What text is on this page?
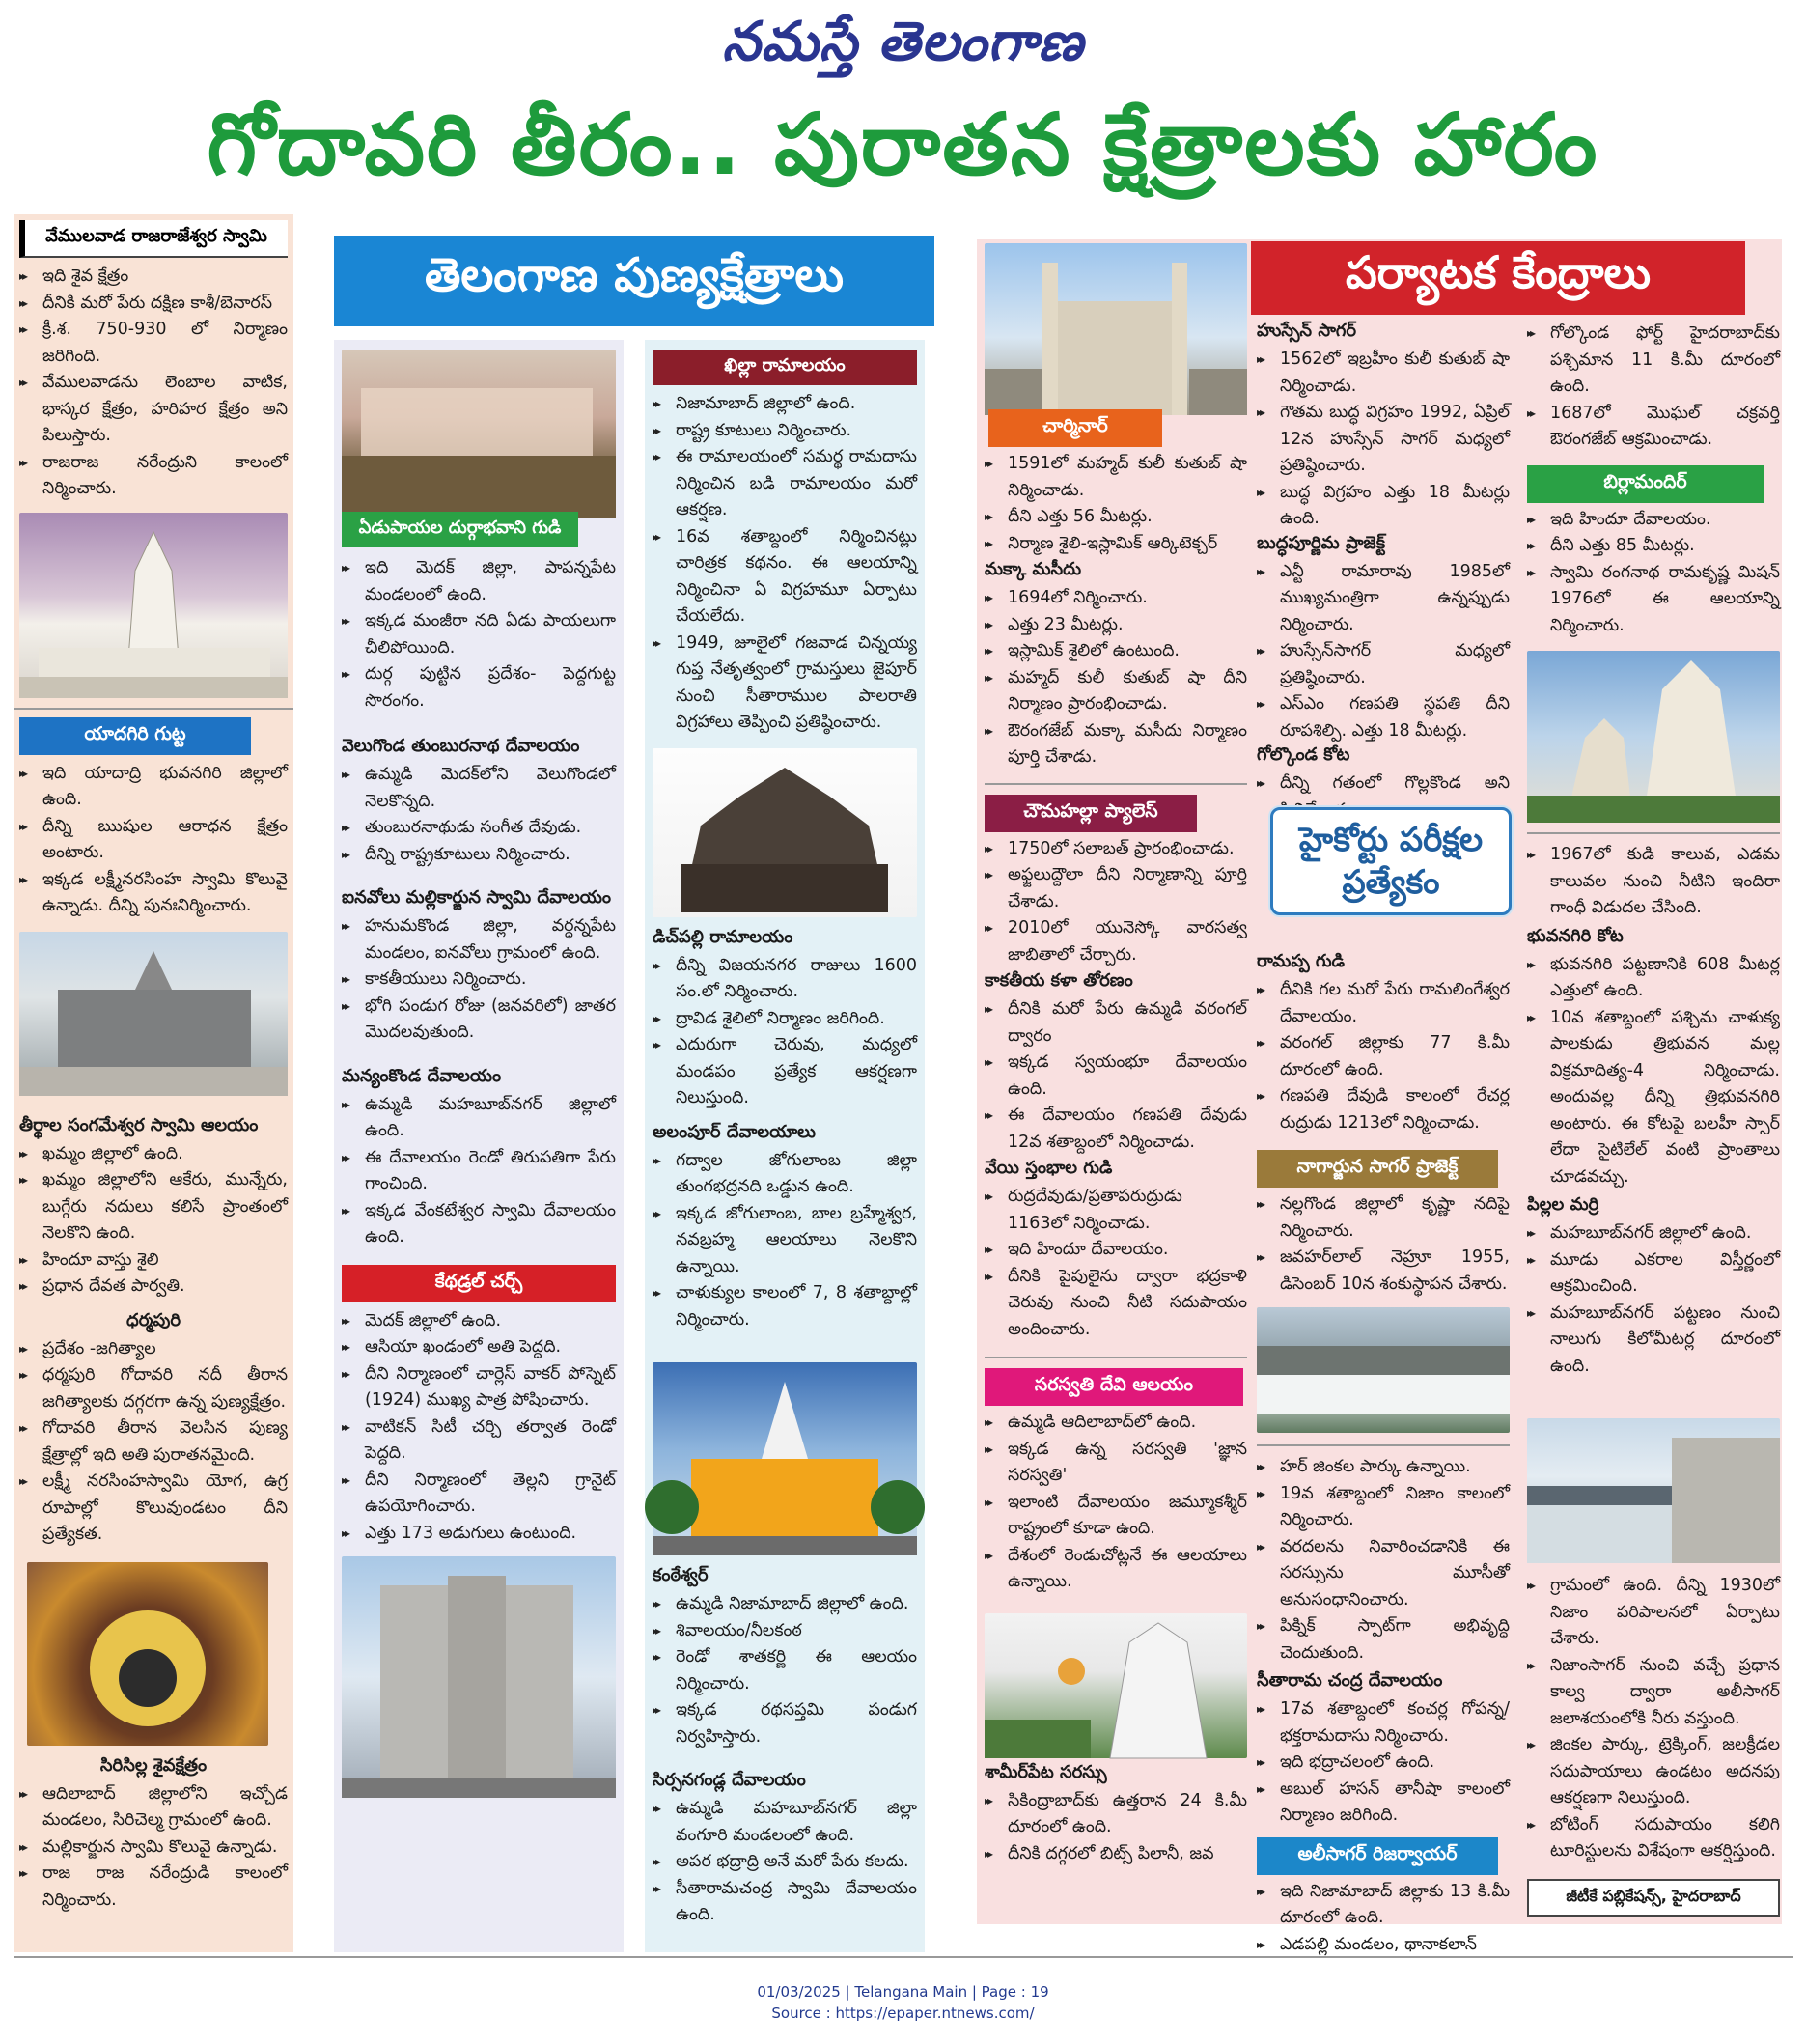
నమస్తే తెలంగాణ
గోదావరి తీరం.. పురాతన క్షేత్రాలకు హారం
వేములవాడ రాజరాజేశ్వర స్వామి
▸▸ ఇది శైవ క్షేత్రం
▸▸ దీనికి మరో పేరు దక్షిణ కాశీ/బెనారస్
▸▸ క్రీ.శ. 750-930 లో నిర్మాణం జరిగింది.
▸▸ వేములవాడను లెంబాల వాటిక, భాస్కర క్షేత్రం, హరిహర క్షేత్రం అని పిలుస్తారు.
▸▸ రాజరాజ నరేంద్రుని కాలంలో నిర్మించారు.
యాదగిరి గుట్ట
▸▸ ఇది యాదాద్రి భువనగిరి జిల్లాలో ఉంది.
▸▸ దీన్ని ఋషుల ఆరాధన క్షేత్రం అంటారు.
▸▸ ఇక్కడ లక్ష్మీనరసింహ స్వామి కొలువై ఉన్నాడు. దీన్ని పునఃనిర్మించారు.
తీర్థాల సంగమేశ్వర స్వామి ఆలయం
▸▸ ఖమ్మం జిల్లాలో ఉంది.
▸▸ ఖమ్మం జిల్లాలోని ఆకేరు, మున్నేరు, బుగ్గేరు నదులు కలిసే ప్రాంతంలో నెలకొని ఉంది.
▸▸ హిందూ వాస్తు శైలి
▸▸ ప్రధాన దేవత పార్వతి.
ధర్మపురి
▸▸ ప్రదేశం -జగిత్యాల
▸▸ ధర్మపురి గోదావరి నదీ తీరాన జగిత్యాలకు దగ్గరగా ఉన్న పుణ్యక్షేత్రం.
▸▸ గోదావరి తీరాన వెలసిన పుణ్య క్షేత్రాల్లో ఇది అతి పురాతనమైంది.
▸▸ లక్ష్మీ నరసింహస్వామి యోగ, ఉగ్ర రూపాల్లో కొలువుండటం దీని ప్రత్యేకత.
సిరిసిల్ల శైవక్షేత్రం
▸▸ ఆదిలాబాద్ జిల్లాలోని ఇచ్చోడ మండలం, సిరిచెల్మ గ్రామంలో ఉంది.
▸▸ మల్లికార్జున స్వామి కొలువై ఉన్నాడు.
▸▸ రాజ రాజ నరేంద్రుడి కాలంలో నిర్మించారు.
తెలంగాణ పుణ్యక్షేత్రాలు
ఏడుపాయల దుర్గాభవాని గుడి
▸▸ ఇది మెదక్ జిల్లా, పాపన్నపేట మండలంలో ఉంది.
▸▸ ఇక్కడ మంజీరా నది ఏడు పాయలుగా చీలిపోయింది.
▸▸ దుర్గ పుట్టిన ప్రదేశం- పెద్దగుట్ట సొరంగం.
వెలుగొండ తుంబురనాథ దేవాలయం
▸▸ ఉమ్మడి మెదక్‌లోని వెలుగొండలో నెలకొన్నది.
▸▸ తుంబురనాథుడు సంగీత దేవుడు.
▸▸ దీన్ని రాష్ట్రకూటులు నిర్మించారు.
ఐనవోలు మల్లికార్జున స్వామి దేవాలయం
▸▸ హనుమకొండ జిల్లా, వర్ధన్నపేట మండలం, ఐనవోలు గ్రామంలో ఉంది.
▸▸ కాకతీయులు నిర్మించారు.
▸▸ భోగి పండుగ రోజు (జనవరిలో) జాతర మొదలవుతుంది.
మన్యంకొండ దేవాలయం
▸▸ ఉమ్మడి మహబూబ్‌నగర్ జిల్లాలో ఉంది.
▸▸ ఈ దేవాలయం రెండో తిరుపతిగా పేరు గాంచింది.
▸▸ ఇక్కడ వేంకటేశ్వర స్వామి దేవాలయం ఉంది.
కేథడ్రల్ చర్చ్
▸▸ మెదక్ జిల్లాలో ఉంది.
▸▸ ఆసియా ఖండంలో అతి పెద్దది.
▸▸ దీని నిర్మాణంలో చార్లెస్ వాకర్ పోస్నెట్ (1924) ముఖ్య పాత్ర పోషించారు.
▸▸ వాటికన్ సిటీ చర్చి తర్వాత రెండో పెద్దది.
▸▸ దీని నిర్మాణంలో తెల్లని గ్రానైట్ ఉపయోగించారు.
▸▸ ఎత్తు 173 అడుగులు ఉంటుంది.
ఖిల్లా రామాలయం
▸▸ నిజామాబాద్ జిల్లాలో ఉంది.
▸▸ రాష్ట్ర కూటులు నిర్మించారు.
▸▸ ఈ రామాలయంలో సమర్థ రామదాసు నిర్మించిన బడి రామాలయం మరో ఆకర్షణ.
▸▸ 16వ శతాబ్దంలో నిర్మించినట్లు చారిత్రక కథనం. ఈ ఆలయాన్ని నిర్మించినా ఏ విగ్రహమూ ఏర్పాటు చేయలేదు.
▸▸ 1949, జూలైలో గజవాడ చిన్నయ్య గుప్త నేతృత్వంలో గ్రామస్తులు జైపూర్ నుంచి సీతారాముల పాలరాతి విగ్రహాలు తెప్పించి ప్రతిష్ఠించారు.
డిచ్‌పల్లి రామాలయం
▸▸ దీన్ని విజయనగర రాజులు 1600 సం.లో నిర్మించారు.
▸▸ ద్రావిడ శైలిలో నిర్మాణం జరిగింది.
▸▸ ఎదురుగా చెరువు, మధ్యలో మండపం ప్రత్యేక ఆకర్షణగా నిలుస్తుంది.
అలంపూర్ దేవాలయాలు
▸▸ గద్వాల జోగులాంబ జిల్లా తుంగభద్రనది ఒడ్డున ఉంది.
▸▸ ఇక్కడ జోగులాంబ, బాల బ్రహ్మేశ్వర, నవబ్రహ్మ ఆలయాలు నెలకొని ఉన్నాయి.
▸▸ చాళుక్యుల కాలంలో 7, 8 శతాబ్దాల్లో నిర్మించారు.
కంఠేశ్వర్
▸▸ ఉమ్మడి నిజామాబాద్ జిల్లాలో ఉంది.
▸▸ శివాలయం/నీలకంఠ
▸▸ రెండో శాతకర్ణి ఈ ఆలయం నిర్మించారు.
▸▸ ఇక్కడ రథసప్తమి పండుగ నిర్వహిస్తారు.
సిర్సనగండ్ల దేవాలయం
▸▸ ఉమ్మడి మహబూబ్‌నగర్ జిల్లా వంగూరి మండలంలో ఉంది.
▸▸ అపర భద్రాద్రి అనే మరో పేరు కలదు.
▸▸ సీతారామచంద్ర స్వామి దేవాలయం ఉంది.
పర్యాటక కేంద్రాలు
చార్మినార్
▸▸ 1591లో మహ్మద్ కులీ కుతుబ్ షా నిర్మించాడు.
▸▸ దీని ఎత్తు 56 మీటర్లు.
▸▸ నిర్మాణ శైలి-ఇస్లామిక్ ఆర్కిటెక్చర్
మక్కా మసీదు
▸▸ 1694లో నిర్మించారు.
▸▸ ఎత్తు 23 మీటర్లు.
▸▸ ఇస్లామిక్ శైలిలో ఉంటుంది.
▸▸ మహ్మద్ కులీ కుతుబ్ షా దీని నిర్మాణం ప్రారంభించాడు.
▸▸ ఔరంగజేబ్ మక్కా మసీదు నిర్మాణం పూర్తి చేశాడు.
చౌమహల్లా ప్యాలెస్
▸▸ 1750లో సలాబత్ ప్రారంభించాడు.
▸▸ అఫ్జలుద్దౌలా దీని నిర్మాణాన్ని పూర్తి చేశాడు.
▸▸ 2010లో యునెస్కో వారసత్వ జాబితాలో చేర్చారు.
కాకతీయ కళా తోరణం
▸▸ దీనికి మరో పేరు ఉమ్మడి వరంగల్ ద్వారం
▸▸ ఇక్కడ స్వయంభూ దేవాలయం ఉంది.
▸▸ ఈ దేవాలయం గణపతి దేవుడు 12వ శతాబ్దంలో నిర్మించాడు.
వేయి స్తంభాల గుడి
▸▸ రుద్రదేవుడు/ప్రతాపరుద్రుడు 1163లో నిర్మించాడు.
▸▸ ఇది హిందూ దేవాలయం.
▸▸ దీనికి పైపులైను ద్వారా భద్రకాళి చెరువు నుంచి నీటి సదుపాయం అందించారు.
సరస్వతి దేవి ఆలయం
▸▸ ఉమ్మడి ఆదిలాబాద్‌లో ఉంది.
▸▸ ఇక్కడ ఉన్న సరస్వతి 'జ్ఞాన సరస్వతి'
▸▸ ఇలాంటి దేవాలయం జమ్మూకశ్మీర్ రాష్ట్రంలో కూడా ఉంది.
▸▸ దేశంలో రెండుచోట్లనే ఈ ఆలయాలు ఉన్నాయి.
శామీర్‌పేట సరస్సు
▸▸ సికింద్రాబాద్‌కు ఉత్తరాన 24 కి.మీ దూరంలో ఉంది.
▸▸ దీనికి దగ్గరలో బిట్స్ పిలానీ, జవ
హుస్సేన్ సాగర్
▸▸ 1562లో ఇబ్రహీం కులీ కుతుబ్ షా నిర్మించాడు.
▸▸ గౌతమ బుద్ధ విగ్రహం 1992, ఏప్రిల్ 12న హుస్సేన్ సాగర్ మధ్యలో ప్రతిష్ఠించారు.
▸▸ బుద్ధ విగ్రహం ఎత్తు 18 మీటర్లు ఉంది.
బుద్ధపూర్ణిమ ప్రాజెక్ట్
▸▸ ఎన్టీ రామారావు 1985లో ముఖ్యమంత్రిగా ఉన్నప్పుడు నిర్మించారు.
▸▸ హుస్సేన్‌సాగర్ మధ్యలో ప్రతిష్ఠించారు.
▸▸ ఎస్ఎం గణపతి స్థపతి దీని రూపశిల్పి. ఎత్తు 18 మీటర్లు.
గోల్కొండ కోట
▸▸ దీన్ని గతంలో గొల్లకొండ అని
రామప్ప గుడి
▸▸ దీనికి గల మరో పేరు రామలింగేశ్వర దేవాలయం.
▸▸ వరంగల్ జిల్లాకు 77 కి.మీ దూరంలో ఉంది.
▸▸ గణపతి దేవుడి కాలంలో రేచర్ల రుద్రుడు 1213లో నిర్మించాడు.
నాగార్జున సాగర్ ప్రాజెక్ట్
▸▸ నల్లగొండ జిల్లాలో కృష్ణా నదిపై నిర్మించారు.
▸▸ జవహర్‌లాల్ నెహ్రూ 1955, డిసెంబర్ 10న శంకుస్థాపన చేశారు.
▸▸ హర్ జింకల పార్కు ఉన్నాయి.
▸▸ 19వ శతాబ్దంలో నిజాం కాలంలో నిర్మించారు.
▸▸ వరదలను నివారించడానికి ఈ సరస్సును మూసీతో అనుసంధానించారు.
▸▸ పిక్నిక్ స్పాట్‌గా అభివృద్ధి చెందుతుంది.
సీతారామ చంద్ర దేవాలయం
▸▸ 17వ శతాబ్దంలో కంచర్ల గోపన్న/భక్తరామదాసు నిర్మించారు.
▸▸ ఇది భద్రాచలంలో ఉంది.
▸▸ అబుల్ హసన్ తానీషా కాలంలో నిర్మాణం జరిగింది.
అలీసాగర్ రిజర్వాయర్
▸▸ ఇది నిజామాబాద్ జిల్లాకు 13 కి.మీ దూరంలో ఉంది.
▸▸ ఎడపల్లి మండలం, థానాకలాన్
హైకోర్టు పరీక్షల ప్రత్యేకం
▸▸ గోల్కొండ ఫోర్ట్ హైదరాబాద్‌కు పశ్చిమాన 11 కి.మీ దూరంలో ఉంది.
▸▸ 1687లో మొఘల్ చక్రవర్తి ఔరంగజేబ్ ఆక్రమించాడు.
బిర్లామందిర్
▸▸ ఇది హిందూ దేవాలయం.
▸▸ దీని ఎత్తు 85 మీటర్లు.
▸▸ స్వామి రంగనాథ రామకృష్ణ మిషన్ 1976లో ఈ ఆలయాన్ని నిర్మించారు.
▸▸ 1967లో కుడి కాలువ, ఎడమ కాలువల నుంచి నీటిని ఇందిరా గాంధీ విడుదల చేసింది.
భువనగిరి కోట
▸▸ భువనగిరి పట్టణానికి 608 మీటర్ల ఎత్తులో ఉంది.
▸▸ 10వ శతాబ్దంలో పశ్చిమ చాళుక్య పాలకుడు త్రిభువన మల్ల విక్రమాదిత్య-4 నిర్మించాడు. అందువల్ల దీన్ని త్రిభువనగిరి అంటారు. ఈ కోటపై బలహీ స్సార్ లేదా సైటిలేల్ వంటి ప్రాంతాలు చూడవచ్చు.
పిల్లల మర్రి
▸▸ మహబూబ్‌నగర్ జిల్లాలో ఉంది.
▸▸ మూడు ఎకరాల విస్తీర్ణంలో ఆక్రమించింది.
▸▸ మహబూబ్‌నగర్ పట్టణం నుంచి నాలుగు కిలోమీటర్ల దూరంలో ఉంది.
▸▸ గ్రామంలో ఉంది. దీన్ని 1930లో నిజాం పరిపాలనలో ఏర్పాటు చేశారు.
▸▸ నిజాంసాగర్ నుంచి వచ్చే ప్రధాన కాల్వ ద్వారా అలీసాగర్ జలాశయంలోకి నీరు వస్తుంది.
▸▸ జింకల పార్కు, ట్రెక్కింగ్, జలక్రీడల సదుపాయాలు ఉండటం అదనపు ఆకర్షణగా నిలుస్తుంది.
▸▸ బోటింగ్ సదుపాయం కలిగి టూరిస్టులను విశేషంగా ఆకర్షిస్తుంది.
జీటీకే పబ్లికేషన్స్, హైదరాబాద్
01/03/2025 | Telangana Main | Page : 19
Source : https://epaper.ntnews.com/
